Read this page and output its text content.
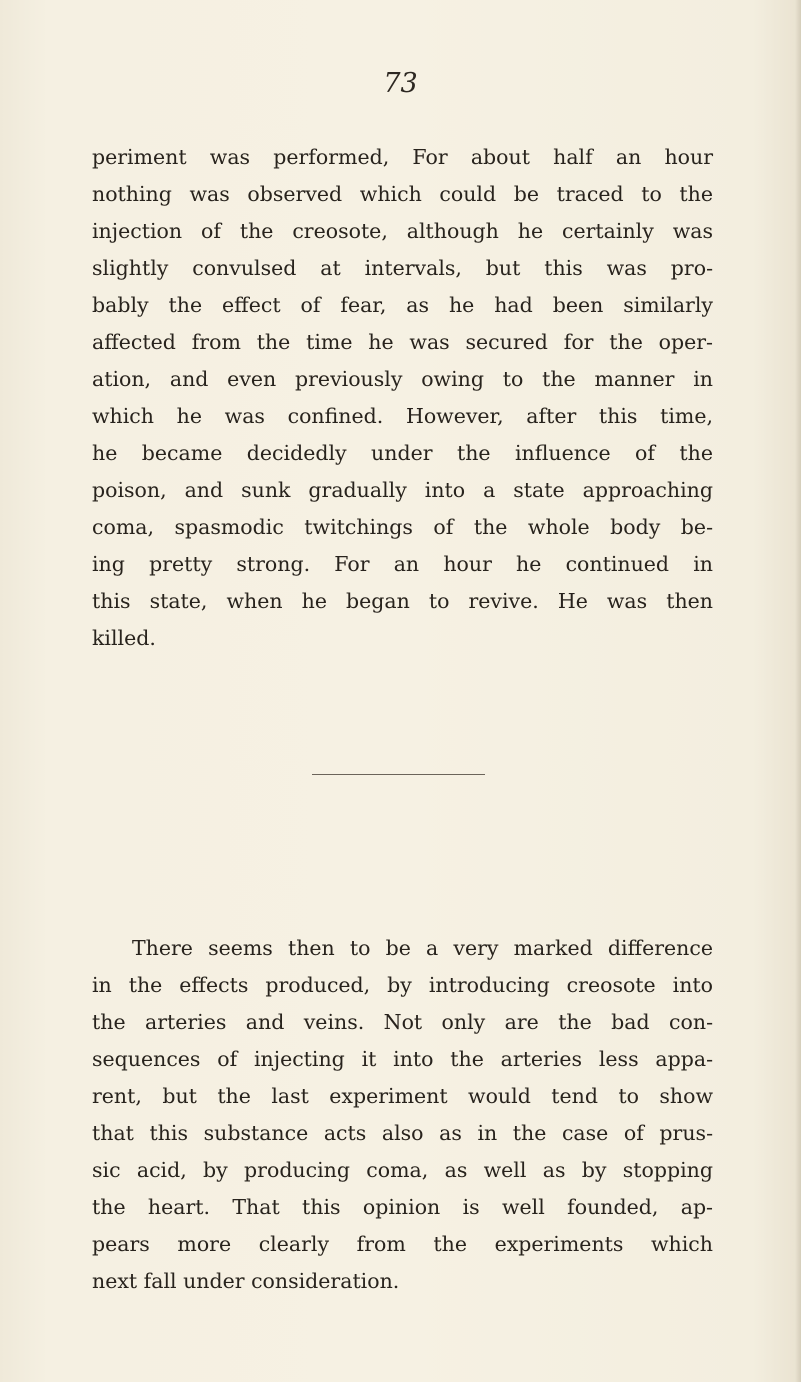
73

periment was performed, For about half an hour
nothing was observed which could be traced to the
injection of the creosote, although he certainly was
slightly convulsed at intervals, but this was pro-
bably the effect of fear, as he had been similarly
affected from the time he was secured for the oper-
ation, and even previously owing to the manner in
which he was confined. However, after this time,
he became decidedly under the influence of the
poison, and sunk gradually into a state approaching
coma, spasmodic twitchings of the whole body be-
ing pretty strong. For an hour he continued in
this state, when he began to revive. He was then
killed.
There seems then to be a very marked difference
in the effects produced, by introducing creosote into
the arteries and veins. Not only are the bad con-
sequences of injecting it into the arteries less appa-
rent, but the last experiment would tend to show
that this substance acts also as in the case of prus-
sic acid, by producing coma, as well as by stopping
the heart. That this opinion is well founded, ap-
pears more clearly from the experiments which
next fall under consideration.
